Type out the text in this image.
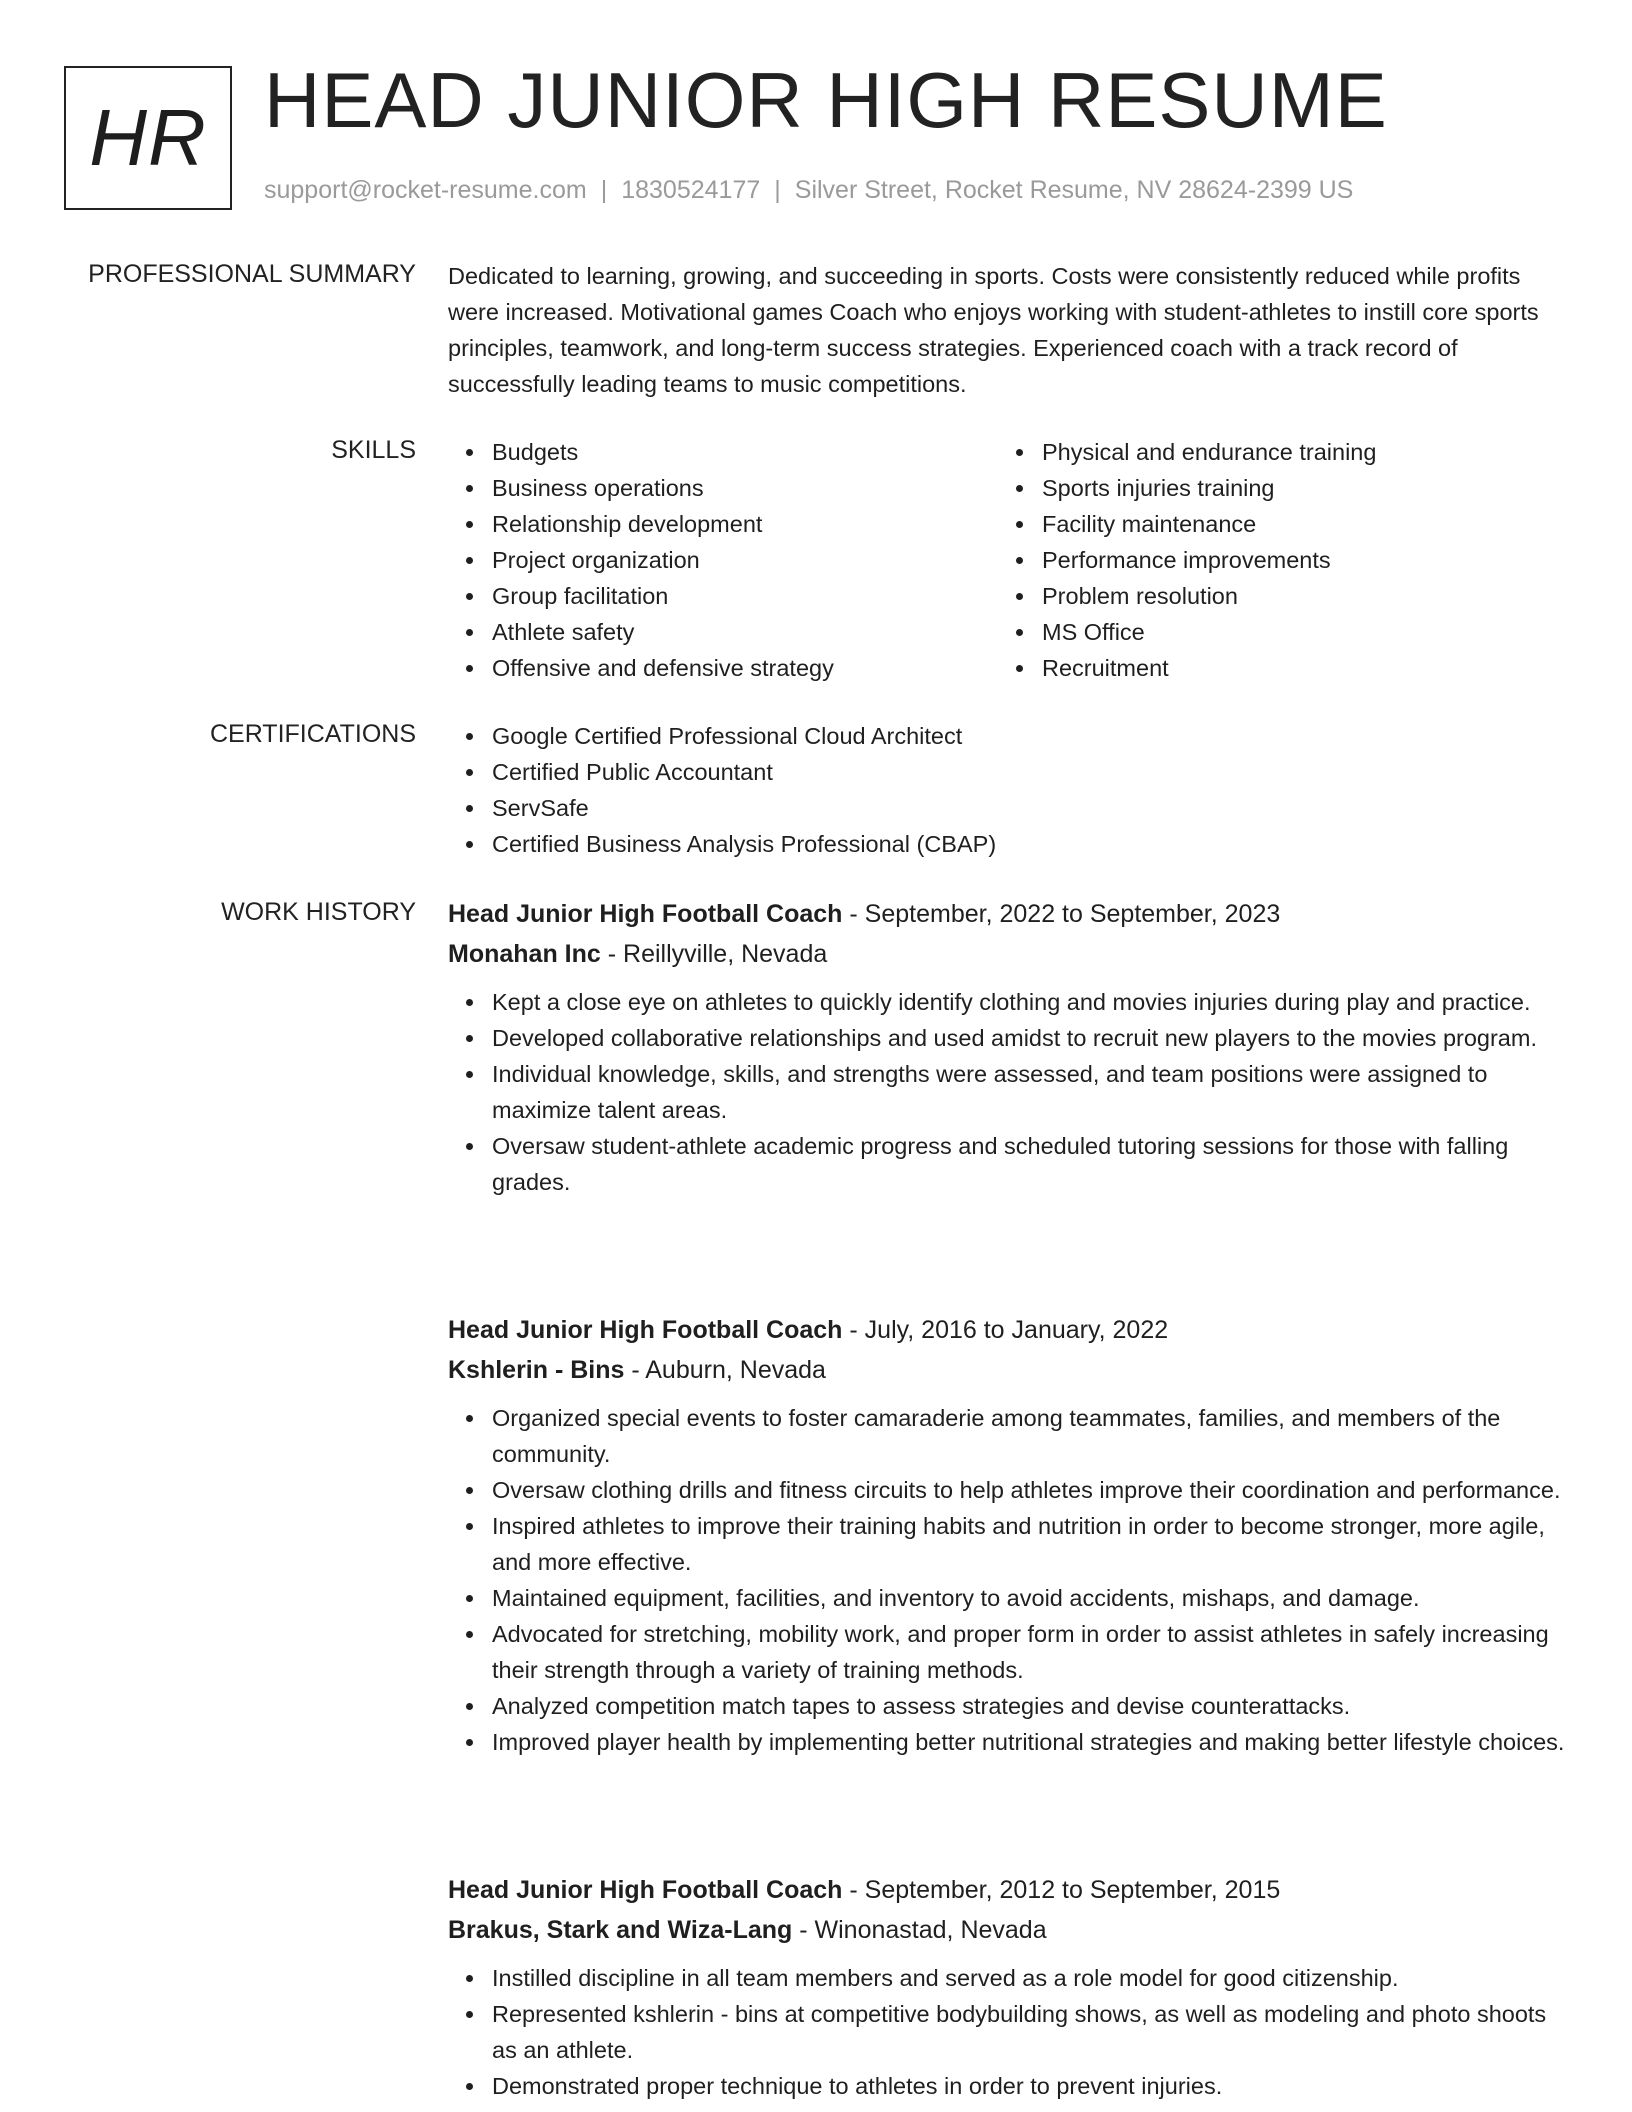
HR HEAD JUNIOR HIGH RESUME
support@rocket-resume.com | 1830524177 | Silver Street, Rocket Resume, NV 28624-2399 US
PROFESSIONAL SUMMARY Dedicated to learning, growing, and succeeding in sports. Costs were consistently reduced while profits were increased. Motivational games Coach who enjoys working with student-athletes to instill core sports principles, teamwork, and long-term success strategies. Experienced coach with a track record of successfully leading teams to music competitions.
SKILLS	Budgets
Business operations
Relationship development
Project organization
Group facilitation
Athlete safety
Offensive and defensive strategy
Physical and endurance training
Sports injuries training
Facility maintenance
Performance improvements
Problem resolution
MS Office
Recruitment
CERTIFICATIONS	Google Certified Professional Cloud Architect
Certified Public Accountant
ServSafe
Certified Business Analysis Professional (CBAP)
WORK HISTORY Head Junior High Football Coach - September, 2022 to September, 2023
Monahan Inc - Reillyville, Nevada
Kept a close eye on athletes to quickly identify clothing and movies injuries during play and practice.
Developed collaborative relationships and used amidst to recruit new players to the movies program.
Individual knowledge, skills, and strengths were assessed, and team positions were assigned to maximize talent areas.
Oversaw student-athlete academic progress and scheduled tutoring sessions for those with falling grades.
Head Junior High Football Coach - July, 2016 to January, 2022
Kshlerin - Bins - Auburn, Nevada
Organized special events to foster camaraderie among teammates, families, and members of the community.
Oversaw clothing drills and fitness circuits to help athletes improve their coordination and performance.
Inspired athletes to improve their training habits and nutrition in order to become stronger, more agile, and more effective.
Maintained equipment, facilities, and inventory to avoid accidents, mishaps, and damage.
Advocated for stretching, mobility work, and proper form in order to assist athletes in safely increasing their strength through a variety of training methods.
Analyzed competition match tapes to assess strategies and devise counterattacks.
Improved player health by implementing better nutritional strategies and making better lifestyle choices.
Head Junior High Football Coach - September, 2012 to September, 2015
Brakus, Stark and Wiza-Lang - Winonastad, Nevada
Instilled discipline in all team members and served as a role model for good citizenship.
Represented kshlerin - bins at competitive bodybuilding shows, as well as modeling and photo shoots as an athlete.
Demonstrated proper technique to athletes in order to prevent injuries.
